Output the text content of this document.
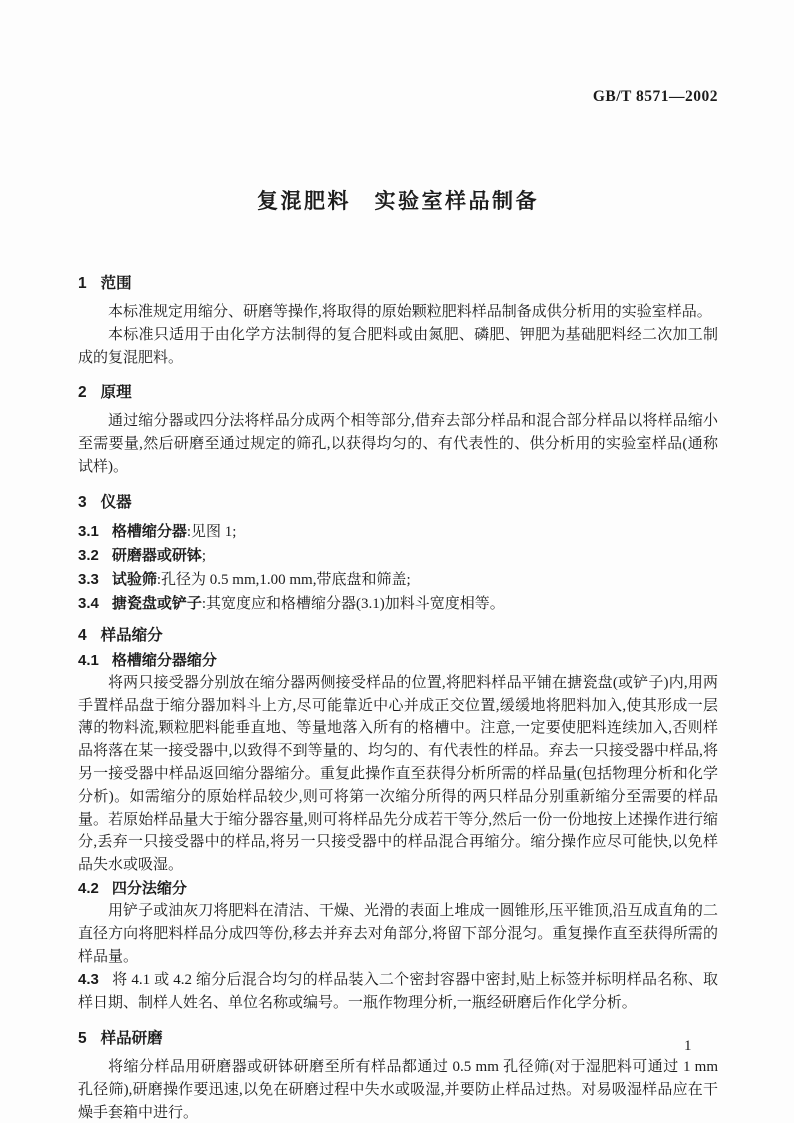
GB/T 8571—2002
复混肥料　实验室样品制备
1 范围

本标准规定用缩分、研磨等操作,将取得的原始颗粒肥料样品制备成供分析用的实验室样品。

本标准只适用于由化学方法制得的复合肥料或由氮肥、磷肥、钾肥为基础肥料经二次加工制成的复混肥料。

2 原理

通过缩分器或四分法将样品分成两个相等部分,借弃去部分样品和混合部分样品以将样品缩小至需要量,然后研磨至通过规定的筛孔,以获得均匀的、有代表性的、供分析用的实验室样品(通称试样)。

3 仪器

3.1 格槽缩分器:见图 1;

3.2 研磨器或研钵;

3.3 试验筛:孔径为 0.5 mm,1.00 mm,带底盘和筛盖;

3.4 搪瓷盘或铲子:其宽度应和格槽缩分器(3.1)加料斗宽度相等。

4 样品缩分
4.1 格槽缩分器缩分

将两只接受器分别放在缩分器两侧接受样品的位置,将肥料样品平铺在搪瓷盘(或铲子)内,用两手置样品盘于缩分器加料斗上方,尽可能靠近中心并成正交位置,缓缓地将肥料加入,使其形成一层薄的物料流,颗粒肥料能垂直地、等量地落入所有的格槽中。注意,一定要使肥料连续加入,否则样品将落在某一接受器中,以致得不到等量的、均匀的、有代表性的样品。弃去一只接受器中样品,将另一接受器中样品返回缩分器缩分。重复此操作直至获得分析所需的样品量(包括物理分析和化学分析)。如需缩分的原始样品较少,则可将第一次缩分所得的两只样品分别重新缩分至需要的样品量。若原始样品量大于缩分器容量,则可将样品先分成若干等分,然后一份一份地按上述操作进行缩分,丢弃一只接受器中的样品,将另一只接受器中的样品混合再缩分。缩分操作应尽可能快,以免样品失水或吸湿。

4.2 四分法缩分

用铲子或油灰刀将肥料在清洁、干燥、光滑的表面上堆成一圆锥形,压平锥顶,沿互成直角的二直径方向将肥料样品分成四等份,移去并弃去对角部分,将留下部分混匀。重复操作直至获得所需的样品量。

4.3 将 4.1 或 4.2 缩分后混合均匀的样品装入二个密封容器中密封,贴上标签并标明样品名称、取样日期、制样人姓名、单位名称或编号。一瓶作物理分析,一瓶经研磨后作化学分析。

5 样品研磨

将缩分样品用研磨器或研钵研磨至所有样品都通过 0.5 mm 孔径筛(对于湿肥料可通过 1 mm 孔径筛),研磨操作要迅速,以免在研磨过程中失水或吸湿,并要防止样品过热。对易吸湿样品应在干燥手套箱中进行。

1
